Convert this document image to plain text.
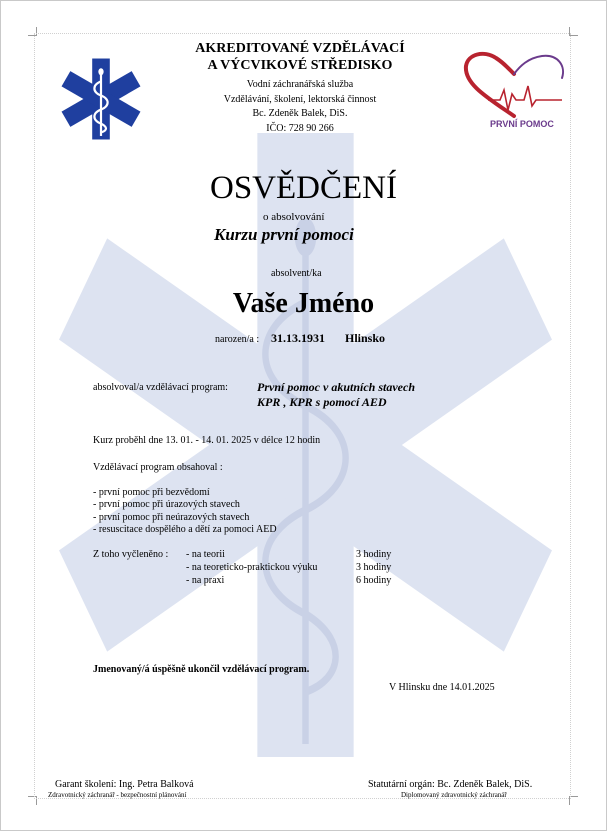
AKREDITOVANÉ VZDĚLÁVACÍ
A VÝCVIKOVÉ STŘEDISKO
Vodní záchranářská služba
Vzdělávání, školení, lektorská činnost
Bc. Zdeněk Balek, DiS.
IČO: 728 90 266	PRVNÍ POMOC
OSVĚDČENÍ
o absolvování
Kurzu první pomoci
absolvent/ka
Vaše Jméno
narozen/a : 31.13.1931 Hlinsko
absolvoval/a vzdělávací program: První pomoc v akutních stavech
KPR , KPR s pomocí AED
Kurz proběhl dne 13. 01. - 14. 01. 2025 v délce 12 hodin
Vzdělávací program obsahoval :
- první pomoc při bezvědomí
- první pomoc při úrazových stavech
- první pomoc při neúrazových stavech
- resuscitace dospělého a dětí za pomoci AED
Z toho vyčleněno : - na teorii	3 hodiny
- na teoreticko-praktickou výuku	3 hodiny
- na praxi	6 hodiny
Jmenovaný/á úspěšně ukončil vzdělávací program.
V Hlinsku dne 14.01.2025
Garant školení: Ing. Petra Balková
Zdravotnický záchranář - bezpečnostní plánování
Statutární orgán: Bc. Zdeněk Balek, DiS.
Diplomovaný zdravotnický záchranář
